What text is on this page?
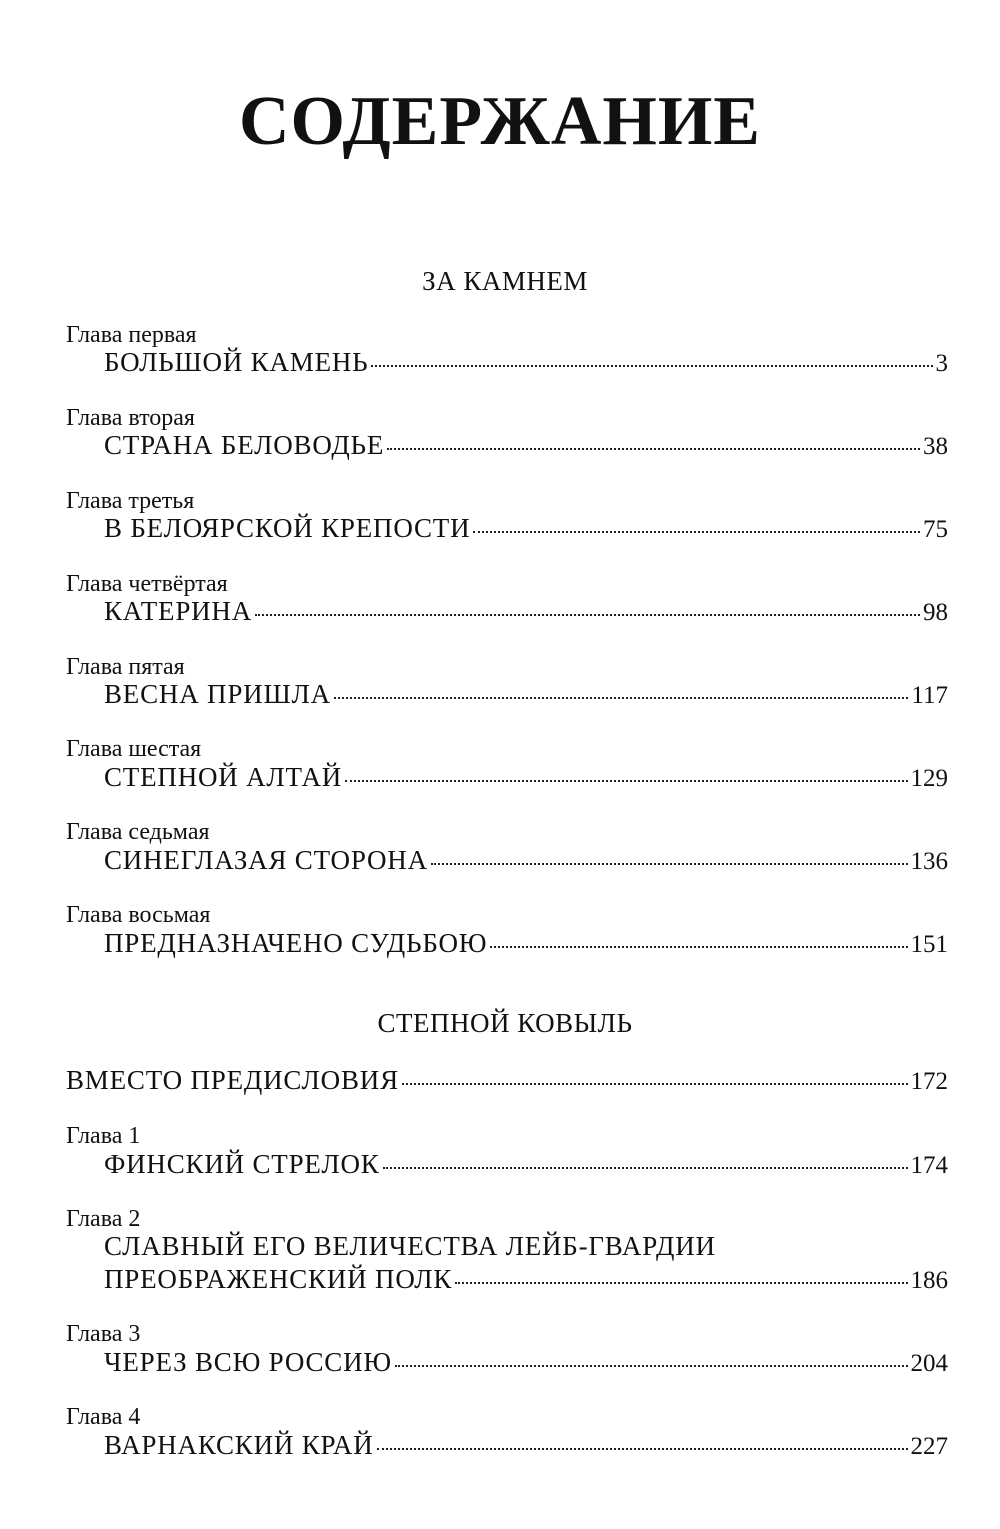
СОДЕРЖАНИЕ
ЗА КАМНЕМ
Глава первая
БОЛЬШОЙ КАМЕНЬ	3
Глава вторая
СТРАНА БЕЛОВОДЬЕ	38
Глава третья
В БЕЛОЯРСКОЙ КРЕПОСТИ	75
Глава четвёртая
КАТЕРИНА	98
Глава пятая
ВЕСНА ПРИШЛА	117
Глава шестая
СТЕПНОЙ АЛТАЙ	129
Глава седьмая
СИНЕГЛАЗАЯ СТОРОНА	136
Глава восьмая
ПРЕДНАЗНАЧЕНО СУДЬБОЮ	151
СТЕПНОЙ КОВЫЛЬ
ВМЕСТО ПРЕДИСЛОВИЯ	172
Глава 1
ФИНСКИЙ СТРЕЛОК	174
Глава 2
СЛАВНЫЙ ЕГО ВЕЛИЧЕСТВА ЛЕЙБ-ГВАРДИИ
ПРЕОБРАЖЕНСКИЙ ПОЛК	186
Глава 3
ЧЕРЕЗ ВСЮ РОССИЮ	204
Глава 4
ВАРНАКСКИЙ КРАЙ	227
